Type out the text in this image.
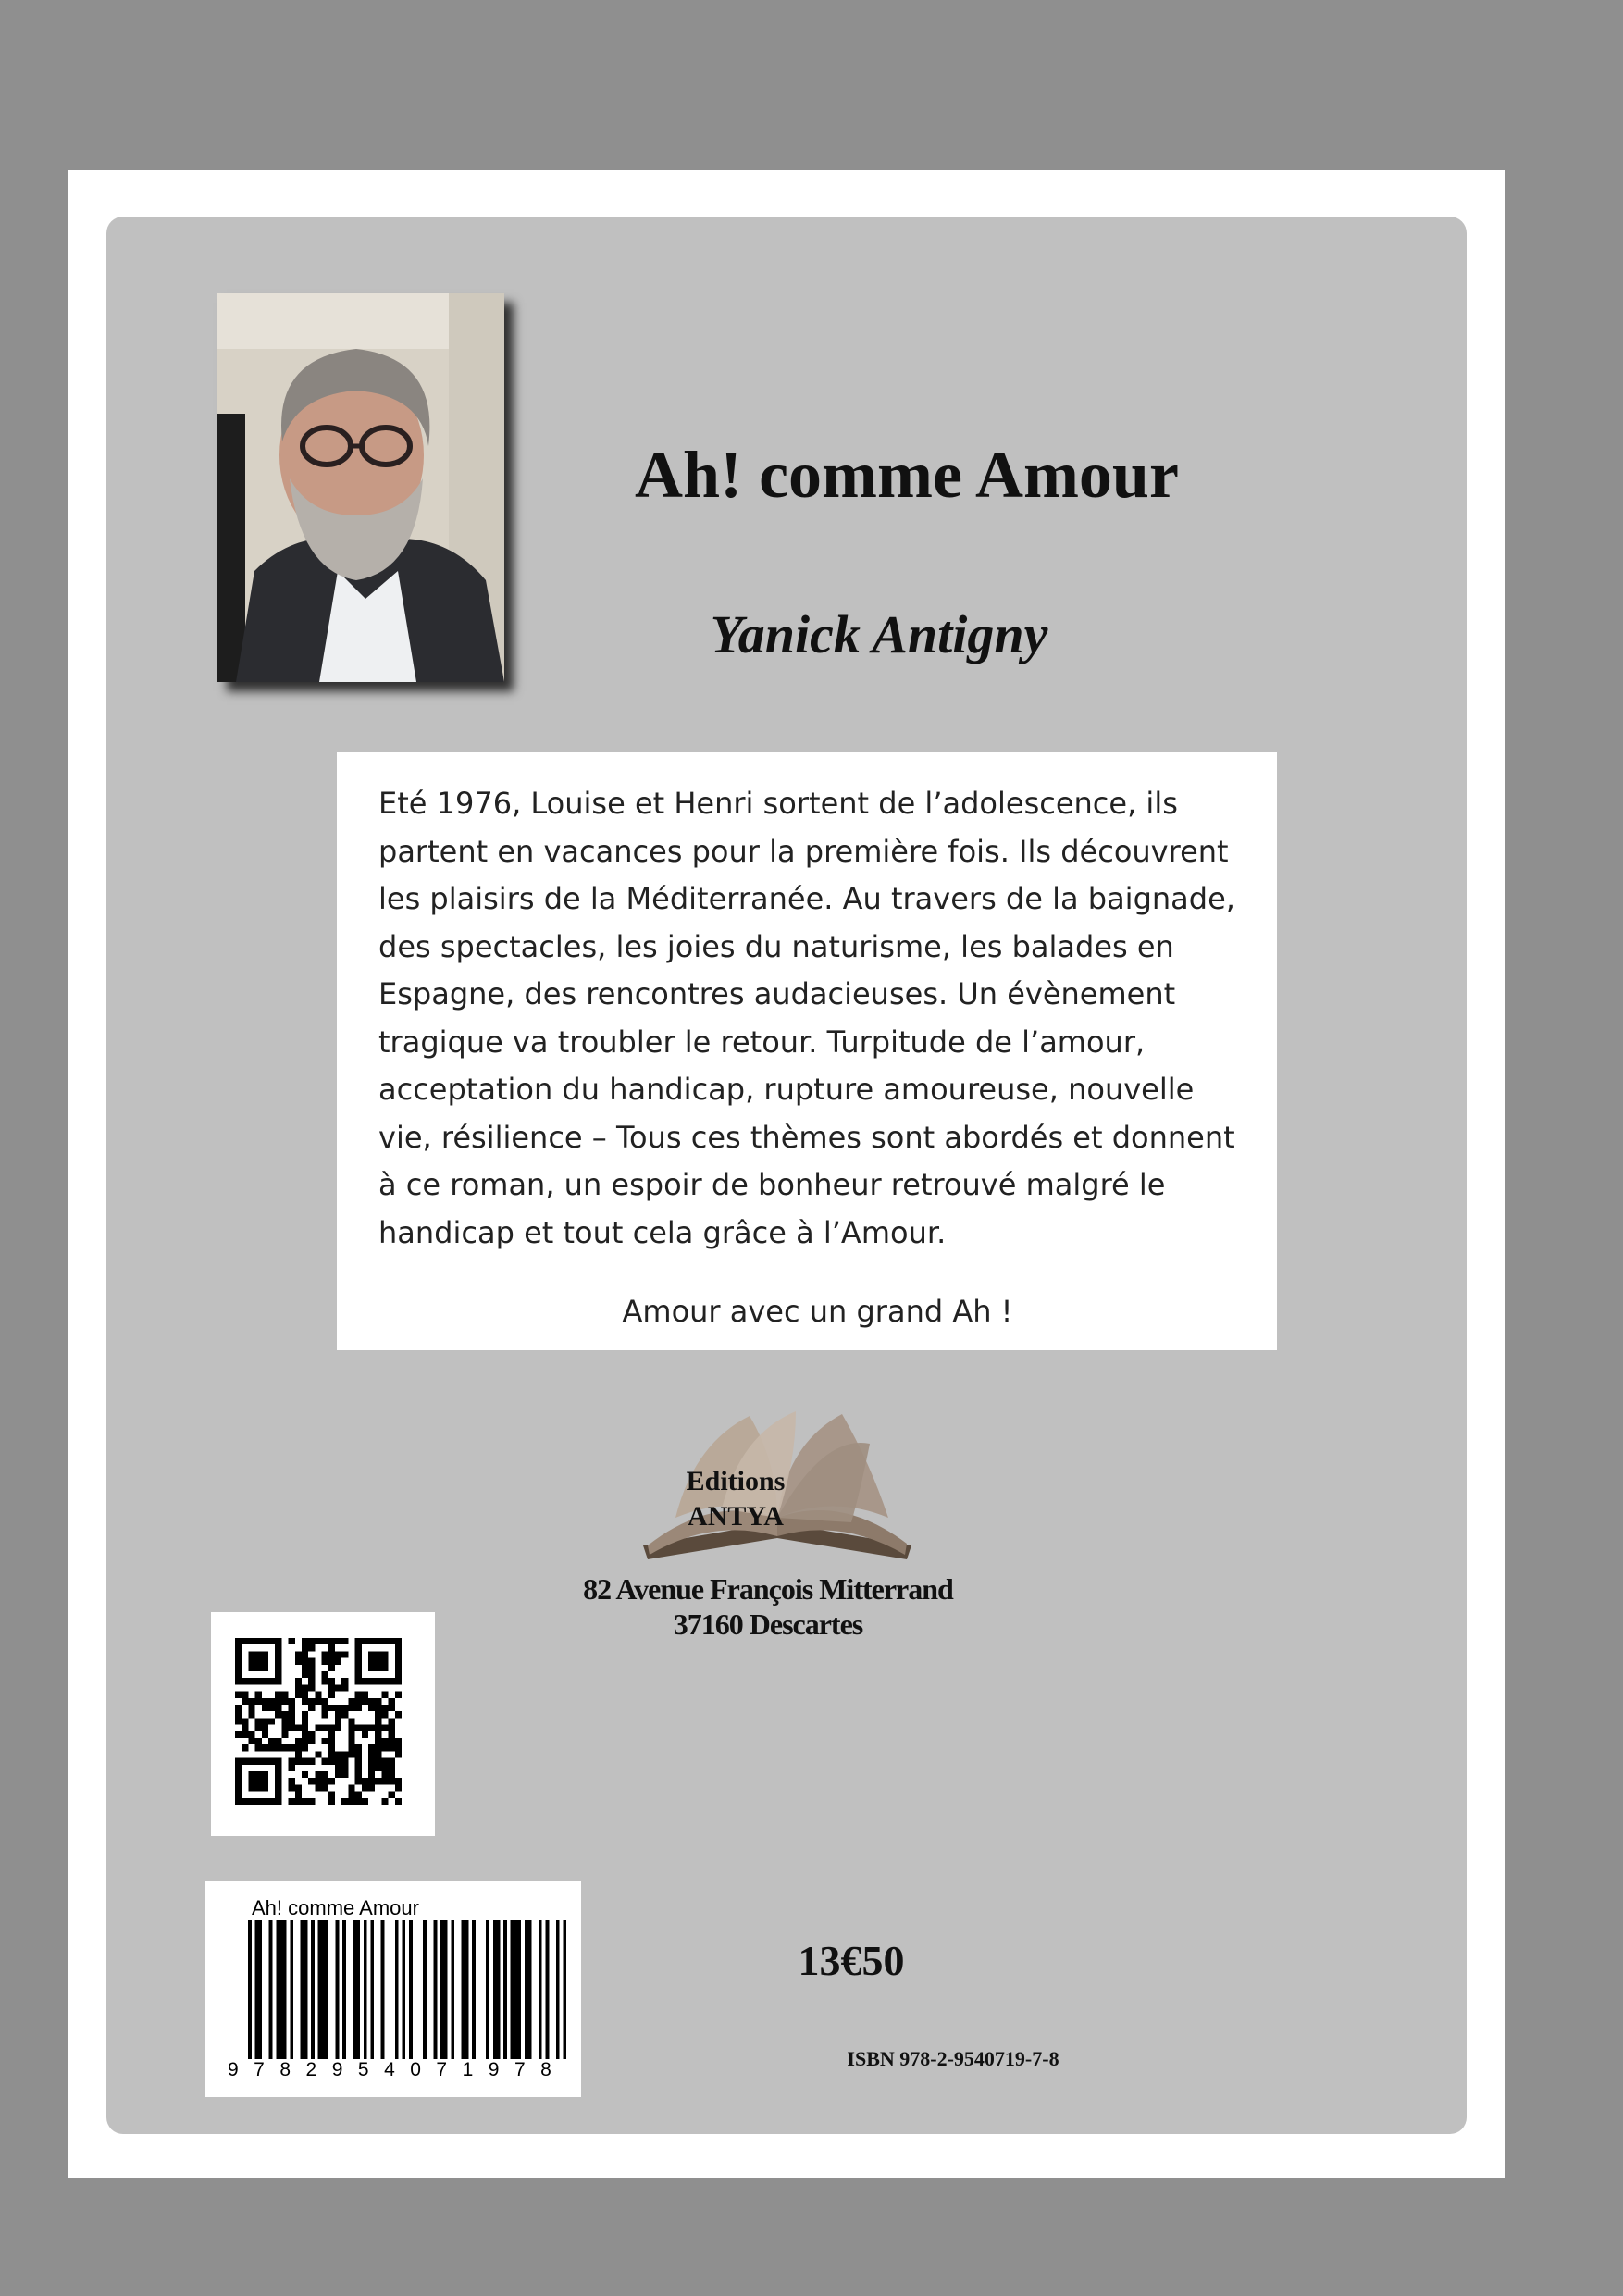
Ah! comme Amour
Yanick Antigny

Eté 1976, Louise et Henri sortent de l’adolescence, ils partent en vacances pour la première fois. Ils découvrent les plaisirs de la Méditerranée. Au travers de la baignade, des spectacles, les joies du naturisme, les balades en Espagne, des rencontres audacieuses. Un évènement tragique va troubler le retour. Turpitude de l’amour, acceptation du handicap, rupture amoureuse, nouvelle vie, résilience – Tous ces thèmes sont abordés et donnent à ce roman, un espoir de bonheur retrouvé malgré le handicap et tout cela grâce à l’Amour.

Amour avec un grand Ah !

Editions
ANTYA
82 Avenue François Mitterrand
37160 Descartes
Ah! comme Amour
9782954071978
13€50
ISBN 978-2-9540719-7-8
